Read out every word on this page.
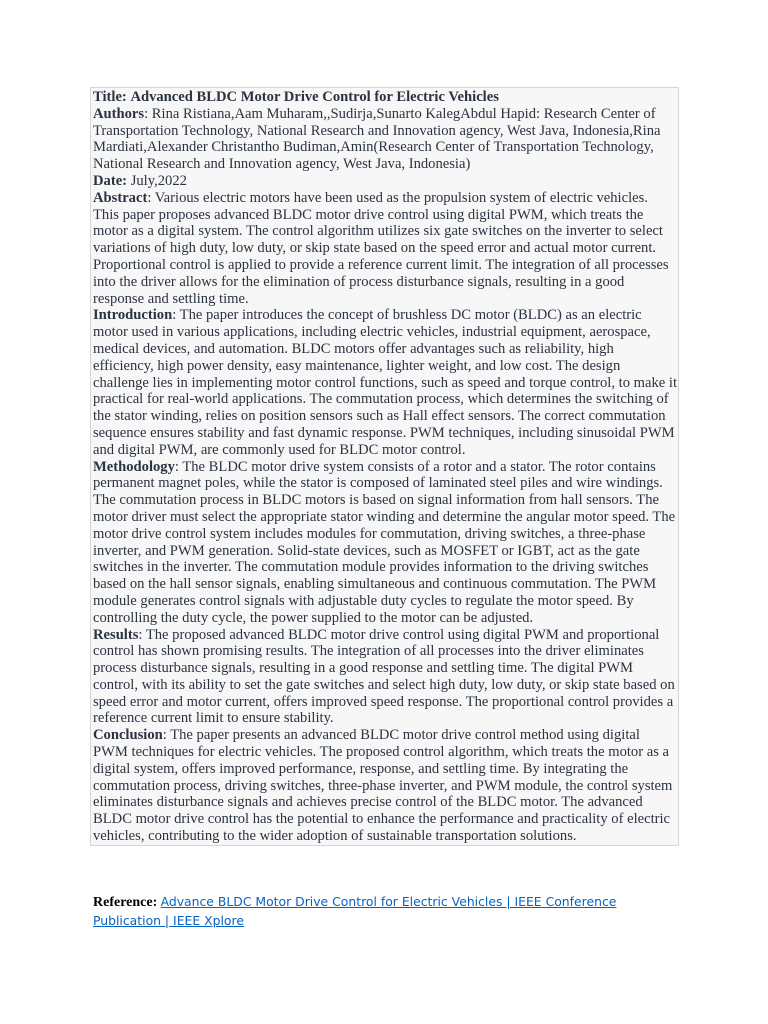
Title: Advanced BLDC Motor Drive Control for Electric Vehicles

Authors: Rina Ristiana,Aam Muharam,,Sudirja,Sunarto KalegAbdul Hapid: Research Center of Transportation Technology, National Research and Innovation agency, West Java, Indonesia,Rina Mardiati,Alexander Christantho Budiman,Amin(Research Center of Transportation Technology, National Research and Innovation agency, West Java, Indonesia)

Date: July,2022

Abstract: Various electric motors have been used as the propulsion system of electric vehicles. This paper proposes advanced BLDC motor drive control using digital PWM, which treats the motor as a digital system. The control algorithm utilizes six gate switches on the inverter to select variations of high duty, low duty, or skip state based on the speed error and actual motor current. Proportional control is applied to provide a reference current limit. The integration of all processes into the driver allows for the elimination of process disturbance signals, resulting in a good response and settling time.

Introduction: The paper introduces the concept of brushless DC motor (BLDC) as an electric motor used in various applications, including electric vehicles, industrial equipment, aerospace, medical devices, and automation. BLDC motors offer advantages such as reliability, high efficiency, high power density, easy maintenance, lighter weight, and low cost. The design challenge lies in implementing motor control functions, such as speed and torque control, to make it practical for real-world applications. The commutation process, which determines the switching of the stator winding, relies on position sensors such as Hall effect sensors. The correct commutation sequence ensures stability and fast dynamic response. PWM techniques, including sinusoidal PWM and digital PWM, are commonly used for BLDC motor control.

Methodology: The BLDC motor drive system consists of a rotor and a stator. The rotor contains permanent magnet poles, while the stator is composed of laminated steel piles and wire windings. The commutation process in BLDC motors is based on signal information from hall sensors. The motor driver must select the appropriate stator winding and determine the angular motor speed. The motor drive control system includes modules for commutation, driving switches, a three-phase inverter, and PWM generation. Solid-state devices, such as MOSFET or IGBT, act as the gate switches in the inverter. The commutation module provides information to the driving switches based on the hall sensor signals, enabling simultaneous and continuous commutation. The PWM module generates control signals with adjustable duty cycles to regulate the motor speed. By controlling the duty cycle, the power supplied to the motor can be adjusted.

Results: The proposed advanced BLDC motor drive control using digital PWM and proportional control has shown promising results. The integration of all processes into the driver eliminates process disturbance signals, resulting in a good response and settling time. The digital PWM control, with its ability to set the gate switches and select high duty, low duty, or skip state based on speed error and motor current, offers improved speed response. The proportional control provides a reference current limit to ensure stability.

Conclusion: The paper presents an advanced BLDC motor drive control method using digital PWM techniques for electric vehicles. The proposed control algorithm, which treats the motor as a digital system, offers improved performance, response, and settling time. By integrating the commutation process, driving switches, three-phase inverter, and PWM module, the control system eliminates disturbance signals and achieves precise control of the BLDC motor. The advanced BLDC motor drive control has the potential to enhance the performance and practicality of electric vehicles, contributing to the wider adoption of sustainable transportation solutions.

Reference: Advance BLDC Motor Drive Control for Electric Vehicles | IEEE Conference Publication | IEEE Xplore
